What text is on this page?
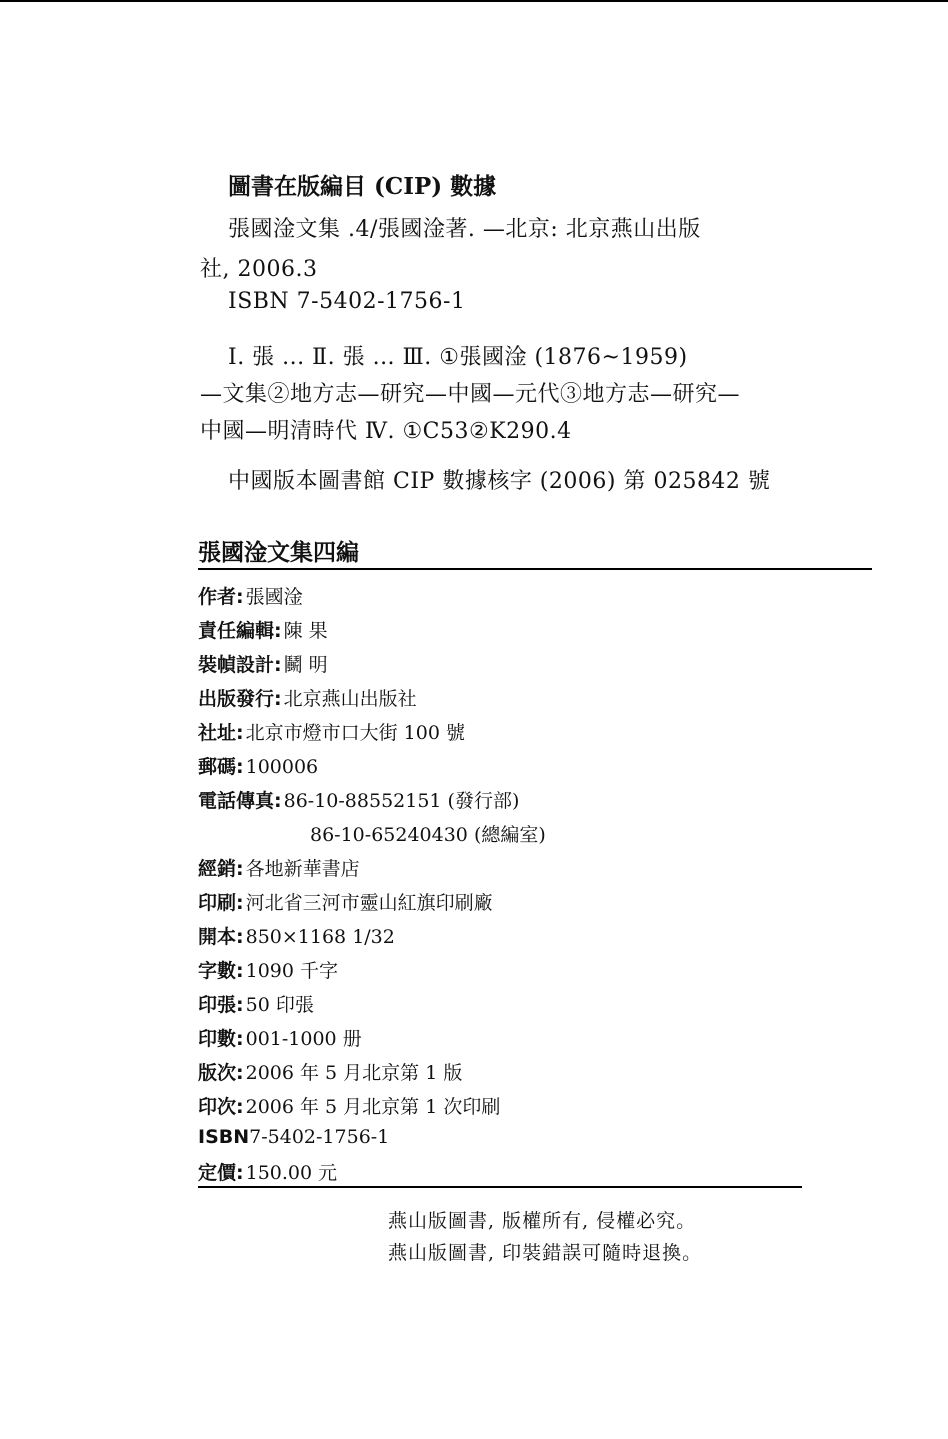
圖書在版編目 (CIP) 數據
張國淦文集 .4/張國淦著. —北京: 北京燕山出版
社, 2006.3
ISBN 7-5402-1756-1
Ⅰ. 張 ... Ⅱ. 張 ... Ⅲ. ①張國淦 (1876~1959)
—文集②地方志—研究—中國—元代③地方志—研究—
中國—明清時代 Ⅳ. ①C53②K290.4
中國版本圖書館 CIP 數據核字 (2006) 第 025842 號
張國淦文集四編
作者: 張國淦
責任編輯: 陳 果
裝幀設計: 鬭 明
出版發行: 北京燕山出版社
社址: 北京市燈市口大街 100 號
郵碼: 100006
電話傳真: 86-10-88552151 (發行部)
86-10-65240430 (總編室)
經銷: 各地新華書店
印刷: 河北省三河市靈山紅旗印刷廠
開本: 850×1168 1/32
字數: 1090 千字
印張: 50 印張
印數: 001-1000 册
版次: 2006 年 5 月北京第 1 版
印次: 2006 年 5 月北京第 1 次印刷
ISBN7-5402-1756-1
定價: 150.00 元
燕山版圖書, 版權所有, 侵權必究。
燕山版圖書, 印裝錯誤可隨時退換。
